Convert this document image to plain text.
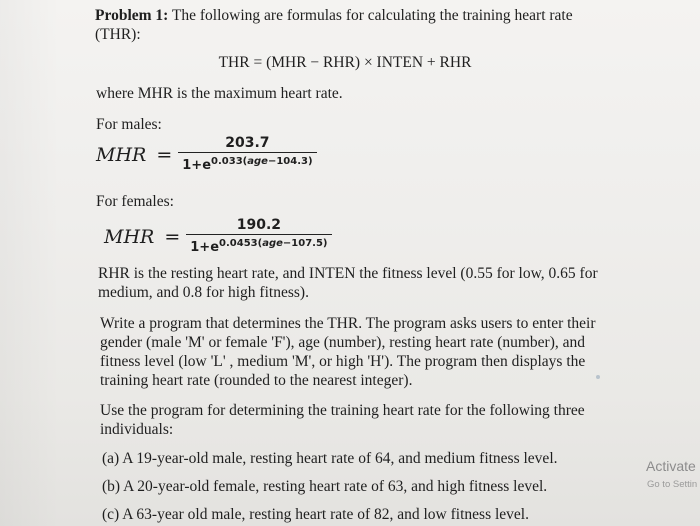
Problem 1: The following are formulas for calculating the training heart rate
(THR):
THR = (MHR − RHR) × INTEN + RHR
where MHR is the maximum heart rate.
For males:
MHR = $\frac{203.7}{1+e^{0.033(age-104.3)}}$
For females:
MHR = $\frac{190.2}{1+e^{0.0453(age-107.5)}}$
RHR is the resting heart rate, and INTEN the fitness level (0.55 for low, 0.65 for
medium, and 0.8 for high fitness).
Write a program that determines the THR. The program asks users to enter their
gender (male 'M' or female 'F'), age (number), resting heart rate (number), and
fitness level (low 'L' , medium 'M', or high 'H'). The program then displays the
training heart rate (rounded to the nearest integer).
Use the program for determining the training heart rate for the following three
individuals:
(a) A 19-year-old male, resting heart rate of 64, and medium fitness level.
(b) A 20-year-old female, resting heart rate of 63, and high fitness level.
(c) A 63-year old male, resting heart rate of 82, and low fitness level.
Activate
Go to Settin
